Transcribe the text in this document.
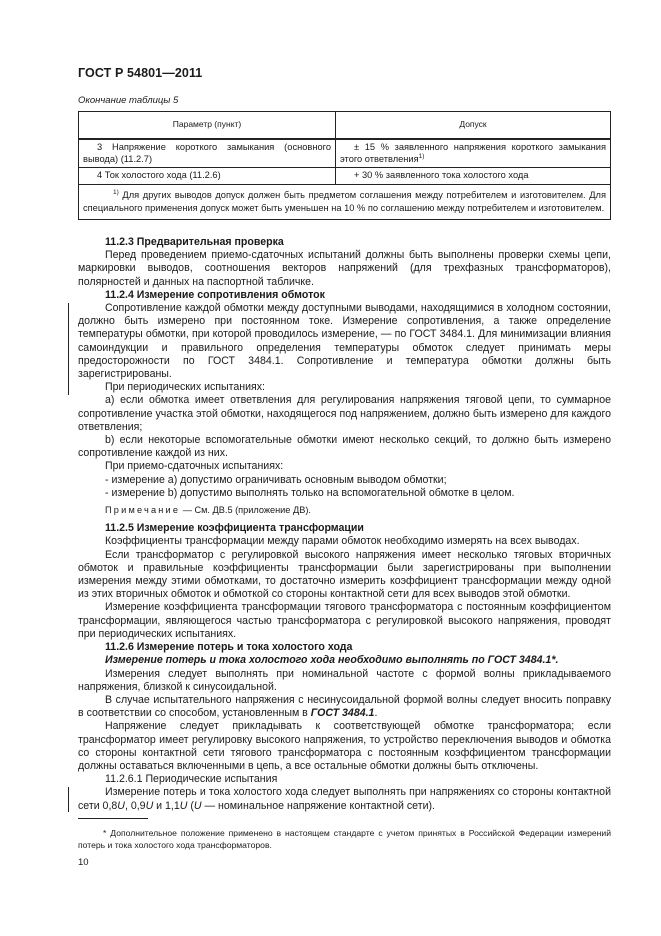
ГОСТ Р 54801—2011
Окончание таблицы 5
Параметр (пункт)	Допуск
3 Напряжение короткого замыкания (основного вывода) (11.2.7)	± 15 % заявленного напряжения короткого замыкания этого ответвления$^{1)}$
4 Ток холостого хода (11.2.6)	+ 30 % заявленного тока холостого хода
$^{1)}$ Для других выводов допуск должен быть предметом соглашения между потребителем и изготовителем. Для специального применения допуск может быть уменьшен на 10 % по соглашению между потребителем и изготовителем.	

11.2.3 Предварительная проверка

Перед проведением приемо-сдаточных испытаний должны быть выполнены проверки схемы цепи, маркировки выводов, соотношения векторов напряжений (для трехфазных трансформаторов), полярностей и данных на паспортной табличке.

11.2.4 Измерение сопротивления обмоток

Сопротивление каждой обмотки между доступными выводами, находящимися в холодном состоянии, должно быть измерено при постоянном токе. Измерение сопротивления, а также определение температуры обмотки, при которой проводилось измерение, — по ГОСТ 3484.1. Для минимизации влияния самоиндукции и правильного определения температуры обмоток следует принимать меры предосторожности по ГОСТ 3484.1. Сопротивление и температура обмотки должны быть зарегистрированы.

При периодических испытаниях:

a) если обмотка имеет ответвления для регулирования напряжения тяговой цепи, то суммарное сопротивление участка этой обмотки, находящегося под напряжением, должно быть измерено для каждого ответвления;

b) если некоторые вспомогательные обмотки имеют несколько секций, то должно быть измерено сопротивление каждой из них.

При приемо-сдаточных испытаниях:

- измерение a) допустимо ограничивать основным выводом обмотки;

- измерение b) допустимо выполнять только на вспомогательной обмотке в целом.

Примечание — См. ДВ.5 (приложение ДВ).

11.2.5 Измерение коэффициента трансформации

Коэффициенты трансформации между парами обмоток необходимо измерять на всех выводах.

Если трансформатор с регулировкой высокого напряжения имеет несколько тяговых вторичных обмоток и правильные коэффициенты трансформации были зарегистрированы при выполнении измерения между этими обмотками, то достаточно измерить коэффициент трансформации между одной из этих вторичных обмоток и обмоткой со стороны контактной сети для всех выводов этой обмотки.

Измерение коэффициента трансформации тягового трансформатора с постоянным коэффициентом трансформации, являющегося частью трансформатора с регулировкой высокого напряжения, проводят при периодических испытаниях.

11.2.6 Измерение потерь и тока холостого хода

Измерение потерь и тока холостого хода необходимо выполнять по ГОСТ 3484.1*.

Измерения следует выполнять при номинальной частоте с формой волны прикладываемого напряжения, близкой к синусоидальной.

В случае испытательного напряжения с несинусоидальной формой волны следует вносить поправку в соответствии со способом, установленным в ГОСТ 3484.1.

Напряжение следует прикладывать к соответствующей обмотке трансформатора; если трансформатор имеет регулировку высокого напряжения, то устройство переключения выводов и обмотка со стороны контактной сети тягового трансформатора с постоянным коэффициентом трансформации должны оставаться включенными в цепь, а все остальные обмотки должны быть отключены.

11.2.6.1 Периодические испытания

Измерение потерь и тока холостого хода следует выполнять при напряжениях со стороны контактной сети 0,8U, 0,9U и 1,1U (U — номинальное напряжение контактной сети).

* Дополнительное положение применено в настоящем стандарте с учетом принятых в Российской Федерации измерений потерь и тока холостого хода трансформаторов.
10
